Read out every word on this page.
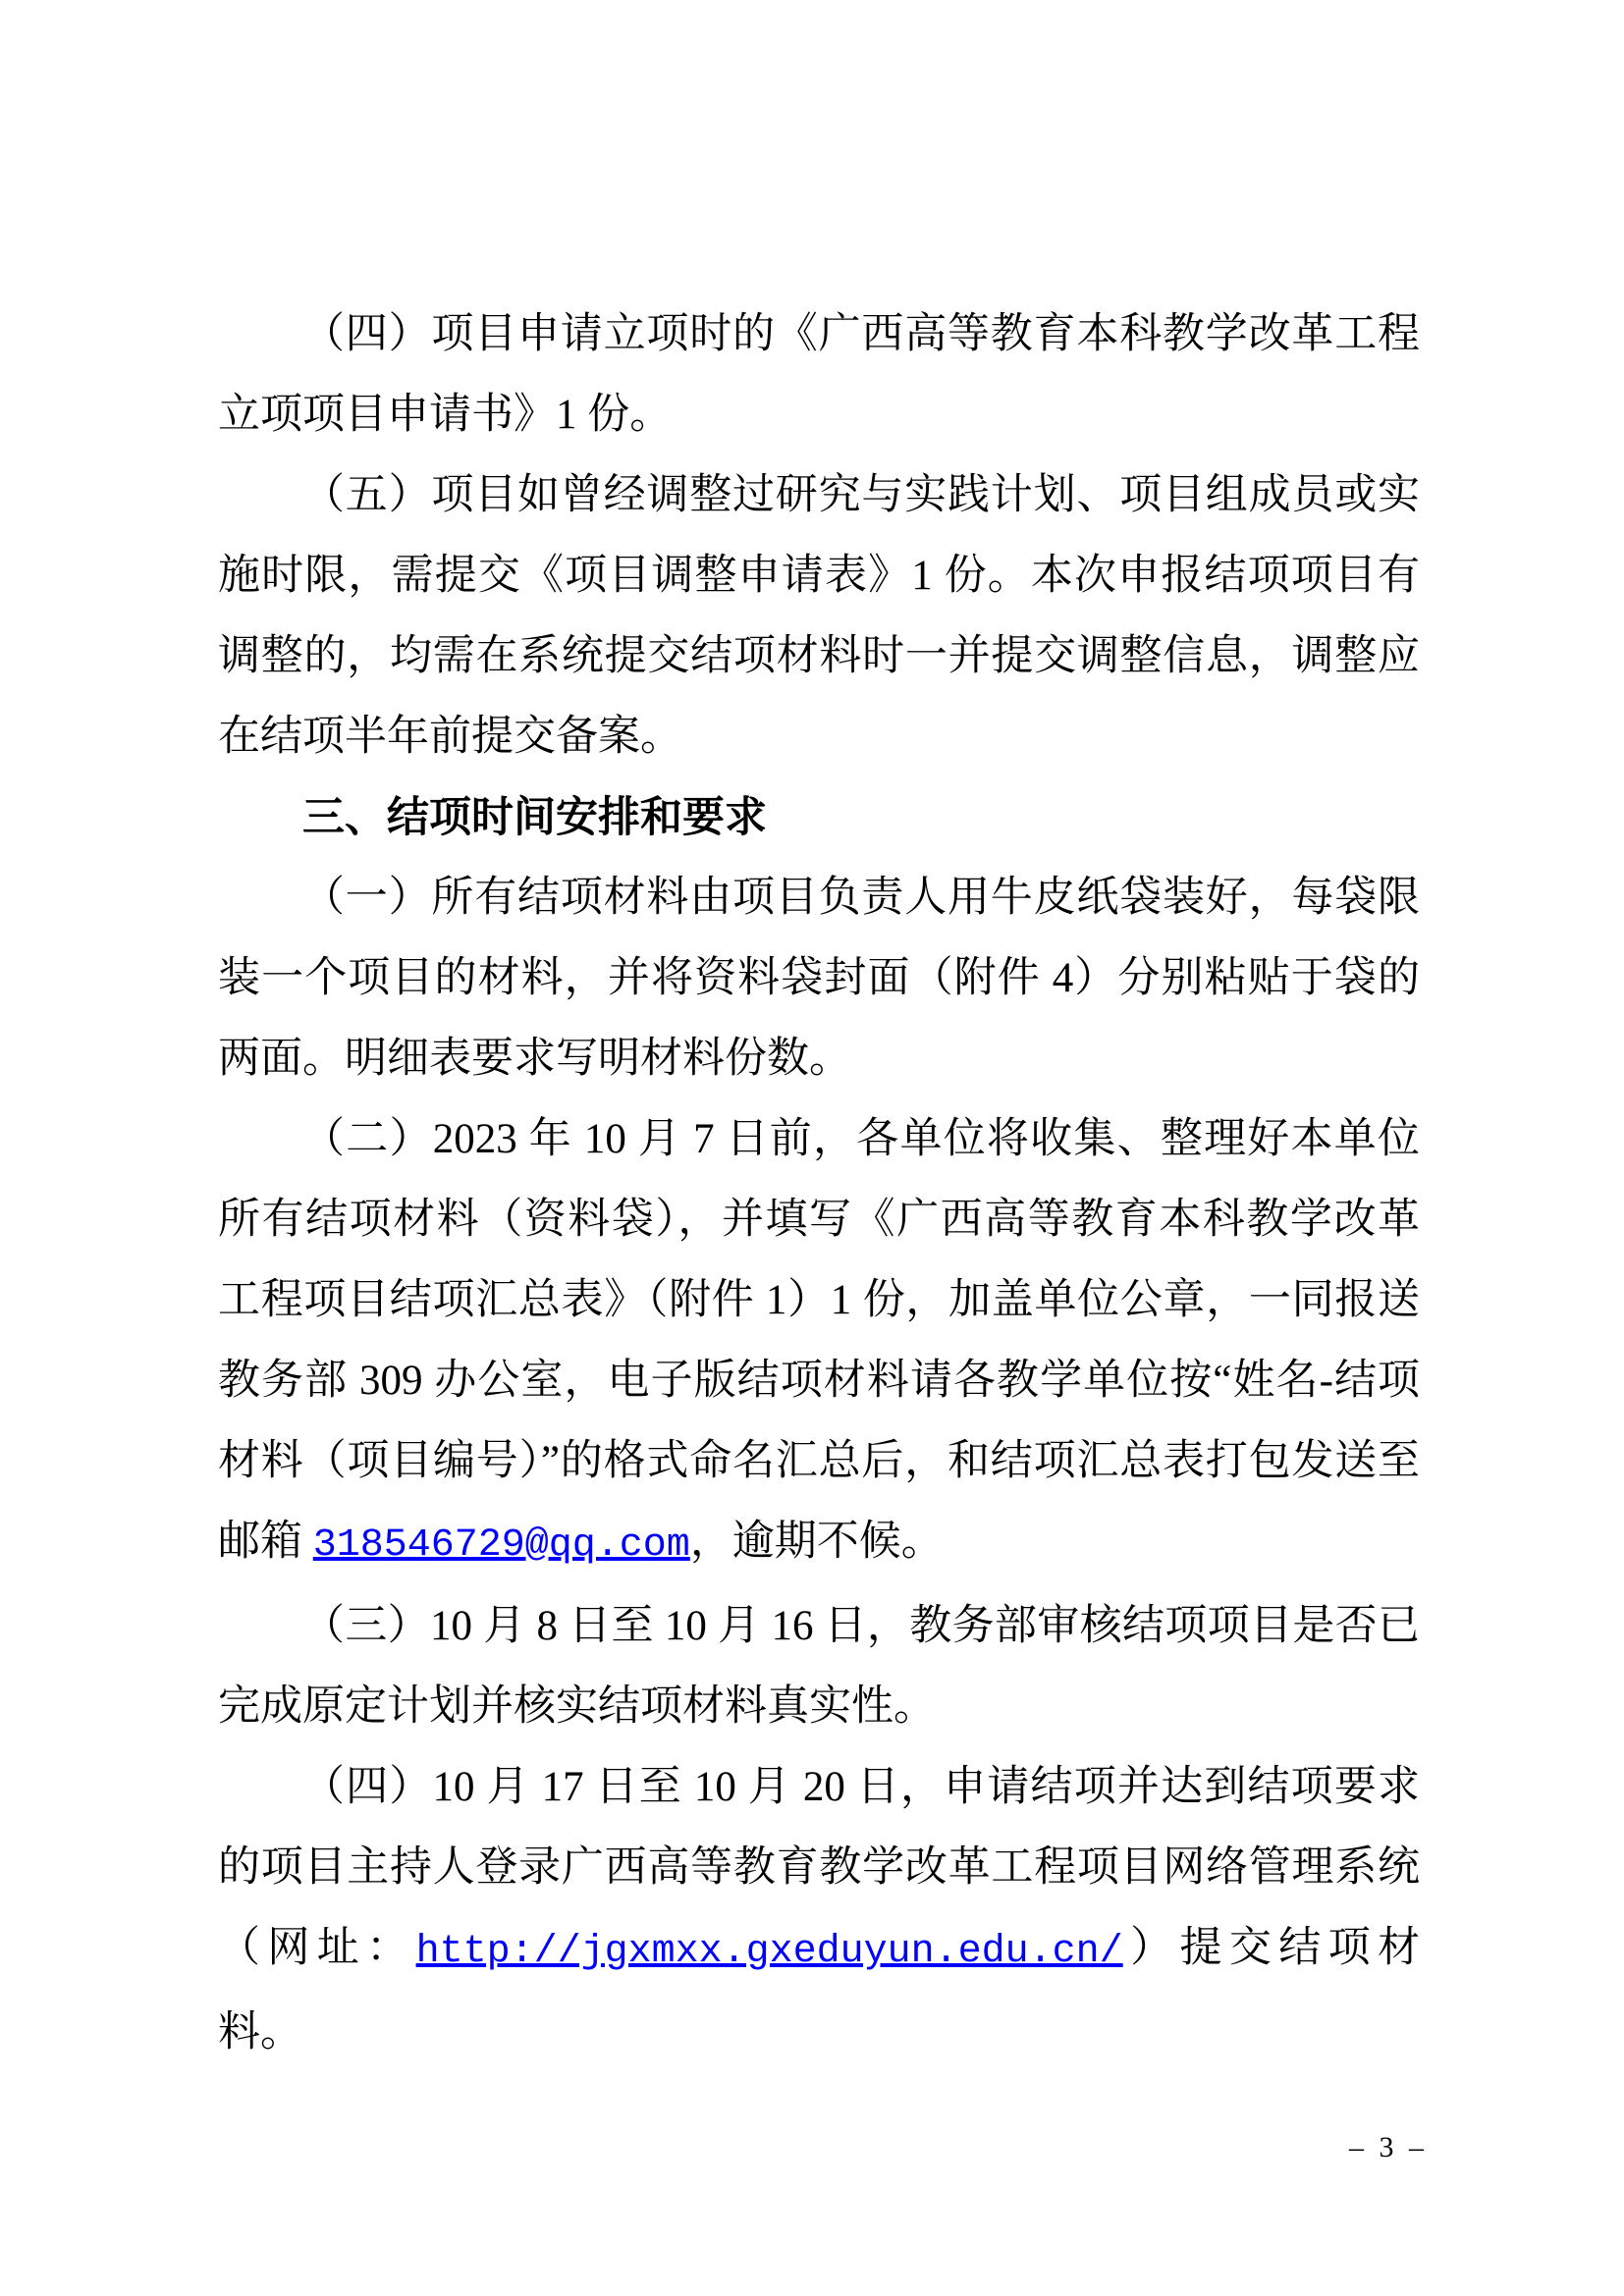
（四）项目申请立项时的《广西高等教育本科教学改革工程立项项目申请书》1 份。

（五）项目如曾经调整过研究与实践计划、项目组成员或实施时限，需提交《项目调整申请表》1 份。本次申报结项项目有调整的，均需在系统提交结项材料时一并提交调整信息，调整应在结项半年前提交备案。

三、结项时间安排和要求

（一）所有结项材料由项目负责人用牛皮纸袋装好，每袋限装一个项目的材料，并将资料袋封面（附件 4）分别粘贴于袋的两面。明细表要求写明材料份数。

（二）2023 年 10 月 7 日前，各单位将收集、整理好本单位所有结项材料（资料袋），并填写《广西高等教育本科教学改革工程项目结项汇总表》（附件 1）1 份，加盖单位公章，一同报送教务部 309 办公室，电子版结项材料请各教学单位按“姓名-结项材料（项目编号）”的格式命名汇总后，和结项汇总表打包发送至邮箱 318546729@qq.com，逾期不候。

（三）10 月 8 日至 10 月 16 日，教务部审核结项项目是否已完成原定计划并核实结项材料真实性。

（四）10 月 17 日至 10 月 20 日，申请结项并达到结项要求的项目主持人登录广西高等教育教学改革工程项目网络管理系统（网址：http://jgxmxx.gxeduyun.edu.cn/）提交结项材料。

– 3 –
